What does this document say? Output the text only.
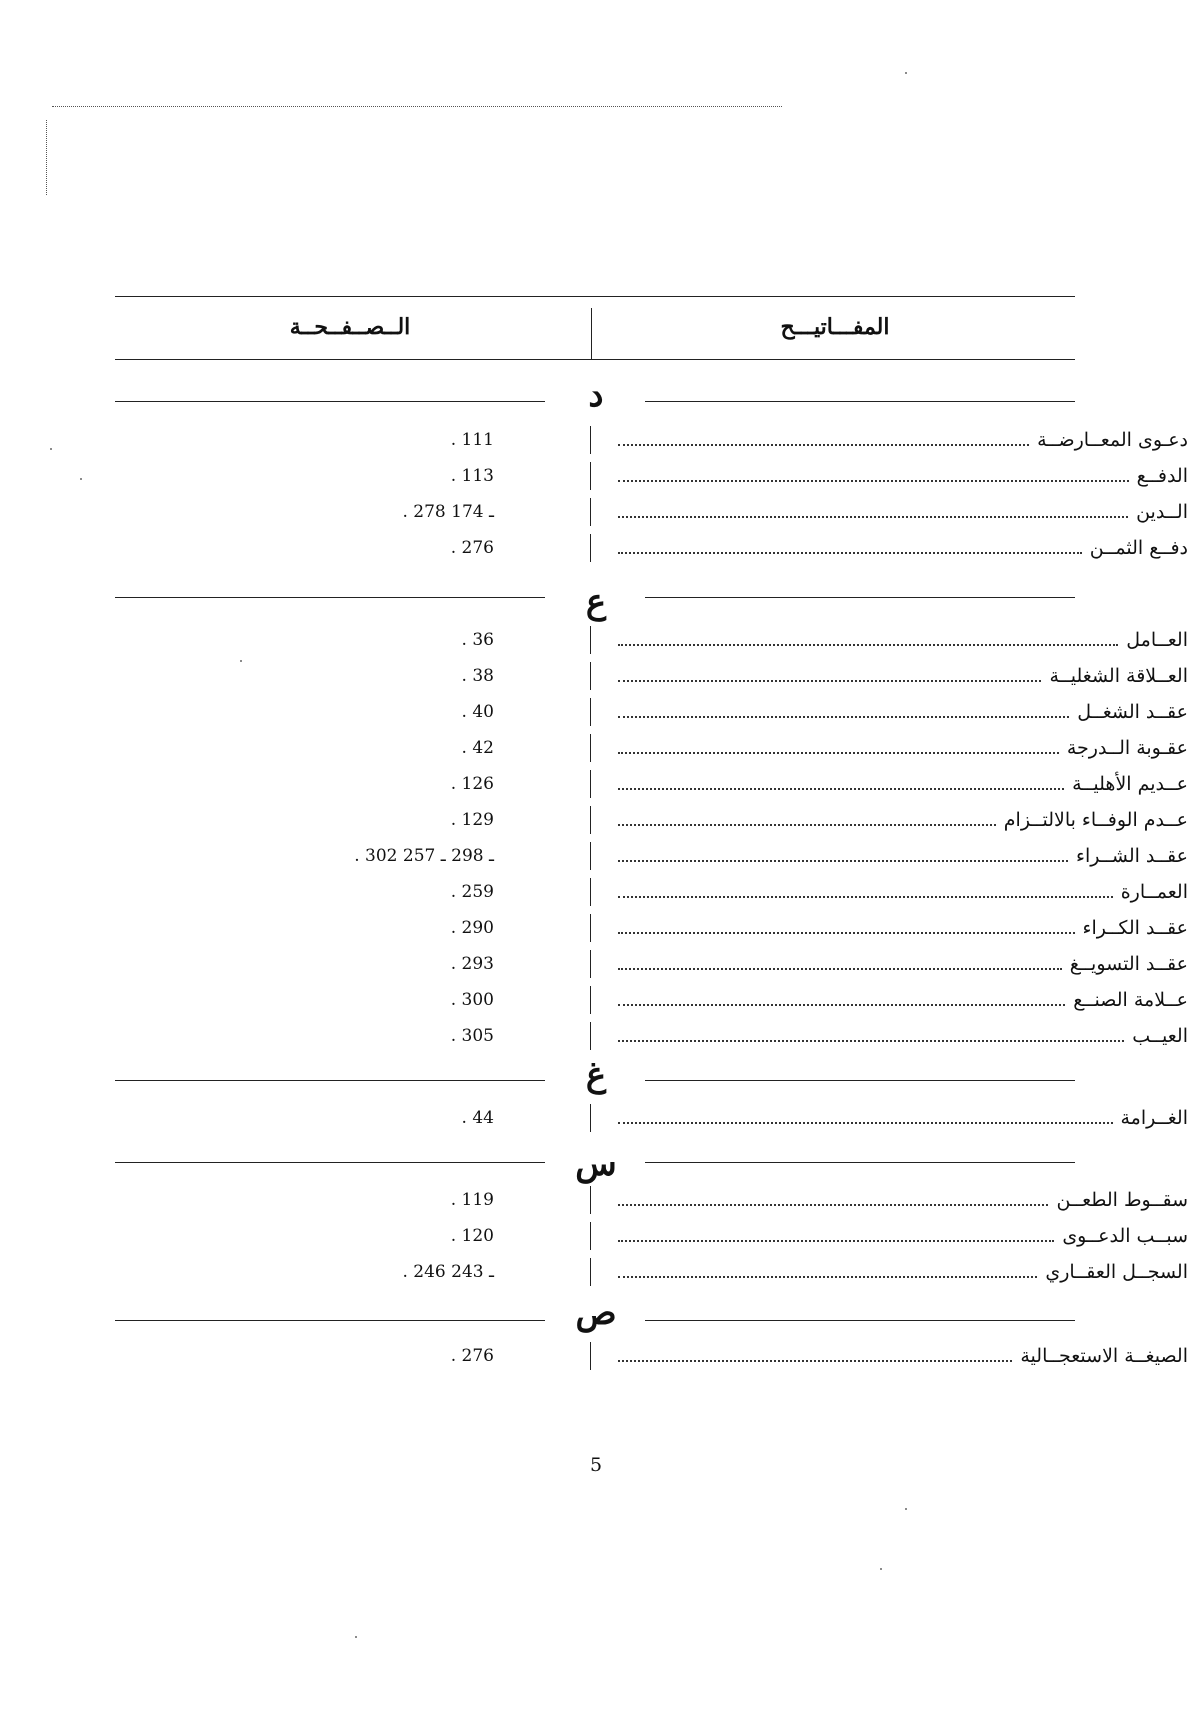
المفـــاتيـــح
الــصــفــحــة
د
. 111	دعـوى المعــارضــة
. 113	الدفــع
. 278 ـ 174	الــدين
. 276	دفــع الثمــن
ع
. 36	العــامل
. 38	العــلاقة الشغليــة
. 40	عقــد الشغــل
. 42	عقـوبة الــدرجة
. 126	عــديم الأهليــة
. 129	عــدم الوفــاء بالالتــزام
. 302 ـ 298 ـ 257	عقــد الشــراء
. 259	العمــارة
. 290	عقــد الكــراء
. 293	عقــد التسويــغ
. 300	عــلامة الصنــع
. 305	العيــب
غ
. 44	الغــرامة
س
. 119	سقــوط الطعــن
. 120	سبــب الدعــوى
. 246 ـ 243	السجــل العقــاري
ص
. 276	الصيغــة الاستعجــالية
5
